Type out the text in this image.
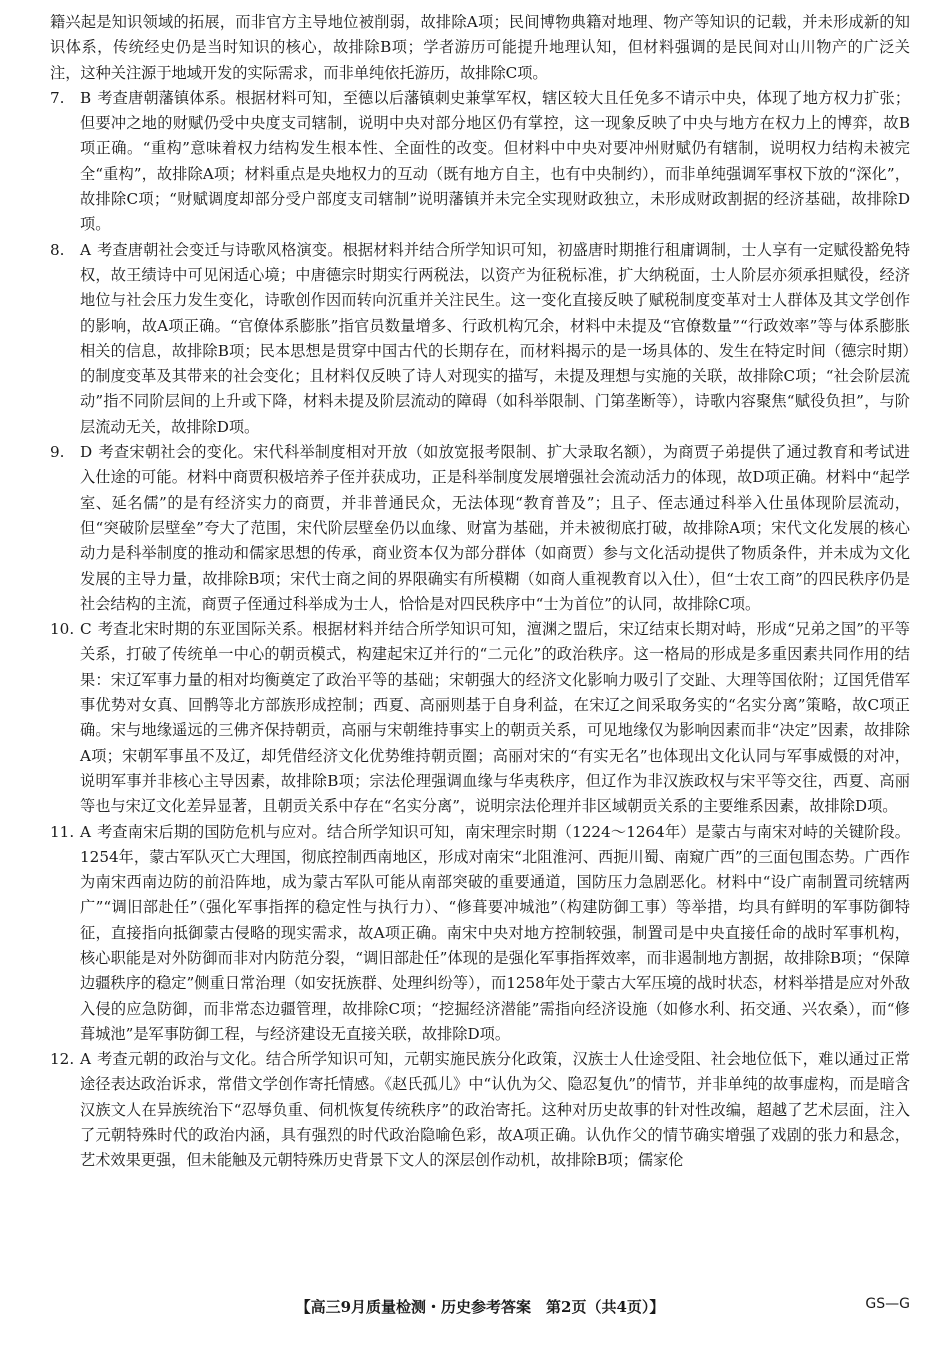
籍兴起是知识领域的拓展，而非官方主导地位被削弱，故排除A项；民间博物典籍对地理、物产等知识的记载，并未形成新的知识体系，传统经史仍是当时知识的核心，故排除B项；学者游历可能提升地理认知，但材料强调的是民间对山川物产的广泛关注，这种关注源于地域开发的实际需求，而非单纯依托游历，故排除C项。

7. B 考查唐朝藩镇体系。根据材料可知，至德以后藩镇刺史兼掌军权，辖区较大且任免多不请示中央，体现了地方权力扩张；但要冲之地的财赋仍受中央度支司辖制，说明中央对部分地区仍有掌控，这一现象反映了中央与地方在权力上的博弈，故B项正确。“重构”意味着权力结构发生根本性、全面性的改变。但材料中中央对要冲州财赋仍有辖制，说明权力结构未被完全“重构”，故排除A项；材料重点是央地权力的互动（既有地方自主，也有中央制约），而非单纯强调军事权下放的“深化”，故排除C项；“财赋调度却部分受户部度支司辖制”说明藩镇并未完全实现财政独立，未形成财政割据的经济基础，故排除D项。
8. A 考查唐朝社会变迁与诗歌风格演变。根据材料并结合所学知识可知，初盛唐时期推行租庸调制，士人享有一定赋役豁免特权，故王绩诗中可见闲适心境；中唐德宗时期实行两税法，以资产为征税标准，扩大纳税面，士人阶层亦须承担赋役，经济地位与社会压力发生变化，诗歌创作因而转向沉重并关注民生。这一变化直接反映了赋税制度变革对士人群体及其文学创作的影响，故A项正确。“官僚体系膨胀”指官员数量增多、行政机构冗余，材料中未提及“官僚数量”“行政效率”等与体系膨胀相关的信息，故排除B项；民本思想是贯穿中国古代的长期存在，而材料揭示的是一场具体的、发生在特定时间（德宗时期）的制度变革及其带来的社会变化；且材料仅反映了诗人对现实的描写，未提及理想与实施的关联，故排除C项；“社会阶层流动”指不同阶层间的上升或下降，材料未提及阶层流动的障碍（如科举限制、门第垄断等），诗歌内容聚焦“赋役负担”，与阶层流动无关，故排除D项。
9. D 考查宋朝社会的变化。宋代科举制度相对开放（如放宽报考限制、扩大录取名额），为商贾子弟提供了通过教育和考试进入仕途的可能。材料中商贾积极培养子侄并获成功，正是科举制度发展增强社会流动活力的体现，故D项正确。材料中“起学室、延名儒”的是有经济实力的商贾，并非普通民众，无法体现“教育普及”；且子、侄志通过科举入仕虽体现阶层流动，但“突破阶层壁垒”夸大了范围，宋代阶层壁垒仍以血缘、财富为基础，并未被彻底打破，故排除A项；宋代文化发展的核心动力是科举制度的推动和儒家思想的传承，商业资本仅为部分群体（如商贾）参与文化活动提供了物质条件，并未成为文化发展的主导力量，故排除B项；宋代士商之间的界限确实有所模糊（如商人重视教育以入仕），但“士农工商”的四民秩序仍是社会结构的主流，商贾子侄通过科举成为士人，恰恰是对四民秩序中“士为首位”的认同，故排除C项。
10. C 考查北宋时期的东亚国际关系。根据材料并结合所学知识可知，澶渊之盟后，宋辽结束长期对峙，形成“兄弟之国”的平等关系，打破了传统单一中心的朝贡模式，构建起宋辽并行的“二元化”的政治秩序。这一格局的形成是多重因素共同作用的结果：宋辽军事力量的相对均衡奠定了政治平等的基础；宋朝强大的经济文化影响力吸引了交趾、大理等国依附；辽国凭借军事优势对女真、回鹘等北方部族形成控制；西夏、高丽则基于自身利益，在宋辽之间采取务实的“名实分离”策略，故C项正确。宋与地缘遥远的三佛齐保持朝贡，高丽与宋朝维持事实上的朝贡关系，可见地缘仅为影响因素而非“决定”因素，故排除A项；宋朝军事虽不及辽，却凭借经济文化优势维持朝贡圈；高丽对宋的“有实无名”也体现出文化认同与军事威慑的对冲，说明军事并非核心主导因素，故排除B项；宗法伦理强调血缘与华夷秩序，但辽作为非汉族政权与宋平等交往，西夏、高丽等也与宋辽文化差异显著，且朝贡关系中存在“名实分离”，说明宗法伦理并非区域朝贡关系的主要维系因素，故排除D项。
11. A 考查南宋后期的国防危机与应对。结合所学知识可知，南宋理宗时期（1224～1264年）是蒙古与南宋对峙的关键阶段。1254年，蒙古军队灭亡大理国，彻底控制西南地区，形成对南宋“北阻淮河、西扼川蜀、南窥广西”的三面包围态势。广西作为南宋西南边防的前沿阵地，成为蒙古军队可能从南部突破的重要通道，国防压力急剧恶化。材料中“设广南制置司统辖两广”“调旧部赴任”（强化军事指挥的稳定性与执行力）、“修葺要冲城池”（构建防御工事）等举措，均具有鲜明的军事防御特征，直接指向抵御蒙古侵略的现实需求，故A项正确。南宋中央对地方控制较强，制置司是中央直接任命的战时军事机构，核心职能是对外防御而非对内防范分裂，“调旧部赴任”体现的是强化军事指挥效率，而非遏制地方割据，故排除B项；“保障边疆秩序的稳定”侧重日常治理（如安抚族群、处理纠纷等），而1258年处于蒙古大军压境的战时状态，材料举措是应对外敌入侵的应急防御，而非常态边疆管理，故排除C项；“挖掘经济潜能”需指向经济设施（如修水利、拓交通、兴农桑），而“修葺城池”是军事防御工程，与经济建设无直接关联，故排除D项。
12. A 考查元朝的政治与文化。结合所学知识可知，元朝实施民族分化政策，汉族士人仕途受阻、社会地位低下，难以通过正常途径表达政治诉求，常借文学创作寄托情感。《赵氏孤儿》中“认仇为父、隐忍复仇”的情节，并非单纯的故事虚构，而是暗含汉族文人在异族统治下“忍辱负重、伺机恢复传统秩序”的政治寄托。这种对历史故事的针对性改编，超越了艺术层面，注入了元朝特殊时代的政治内涵，具有强烈的时代政治隐喻色彩，故A项正确。认仇作父的情节确实增强了戏剧的张力和悬念，艺术效果更强，但未能触及元朝特殊历史背景下文人的深层创作动机，故排除B项；儒家伦
【高三9月质量检测・历史参考答案　第2页（共4页）】	GS—G
